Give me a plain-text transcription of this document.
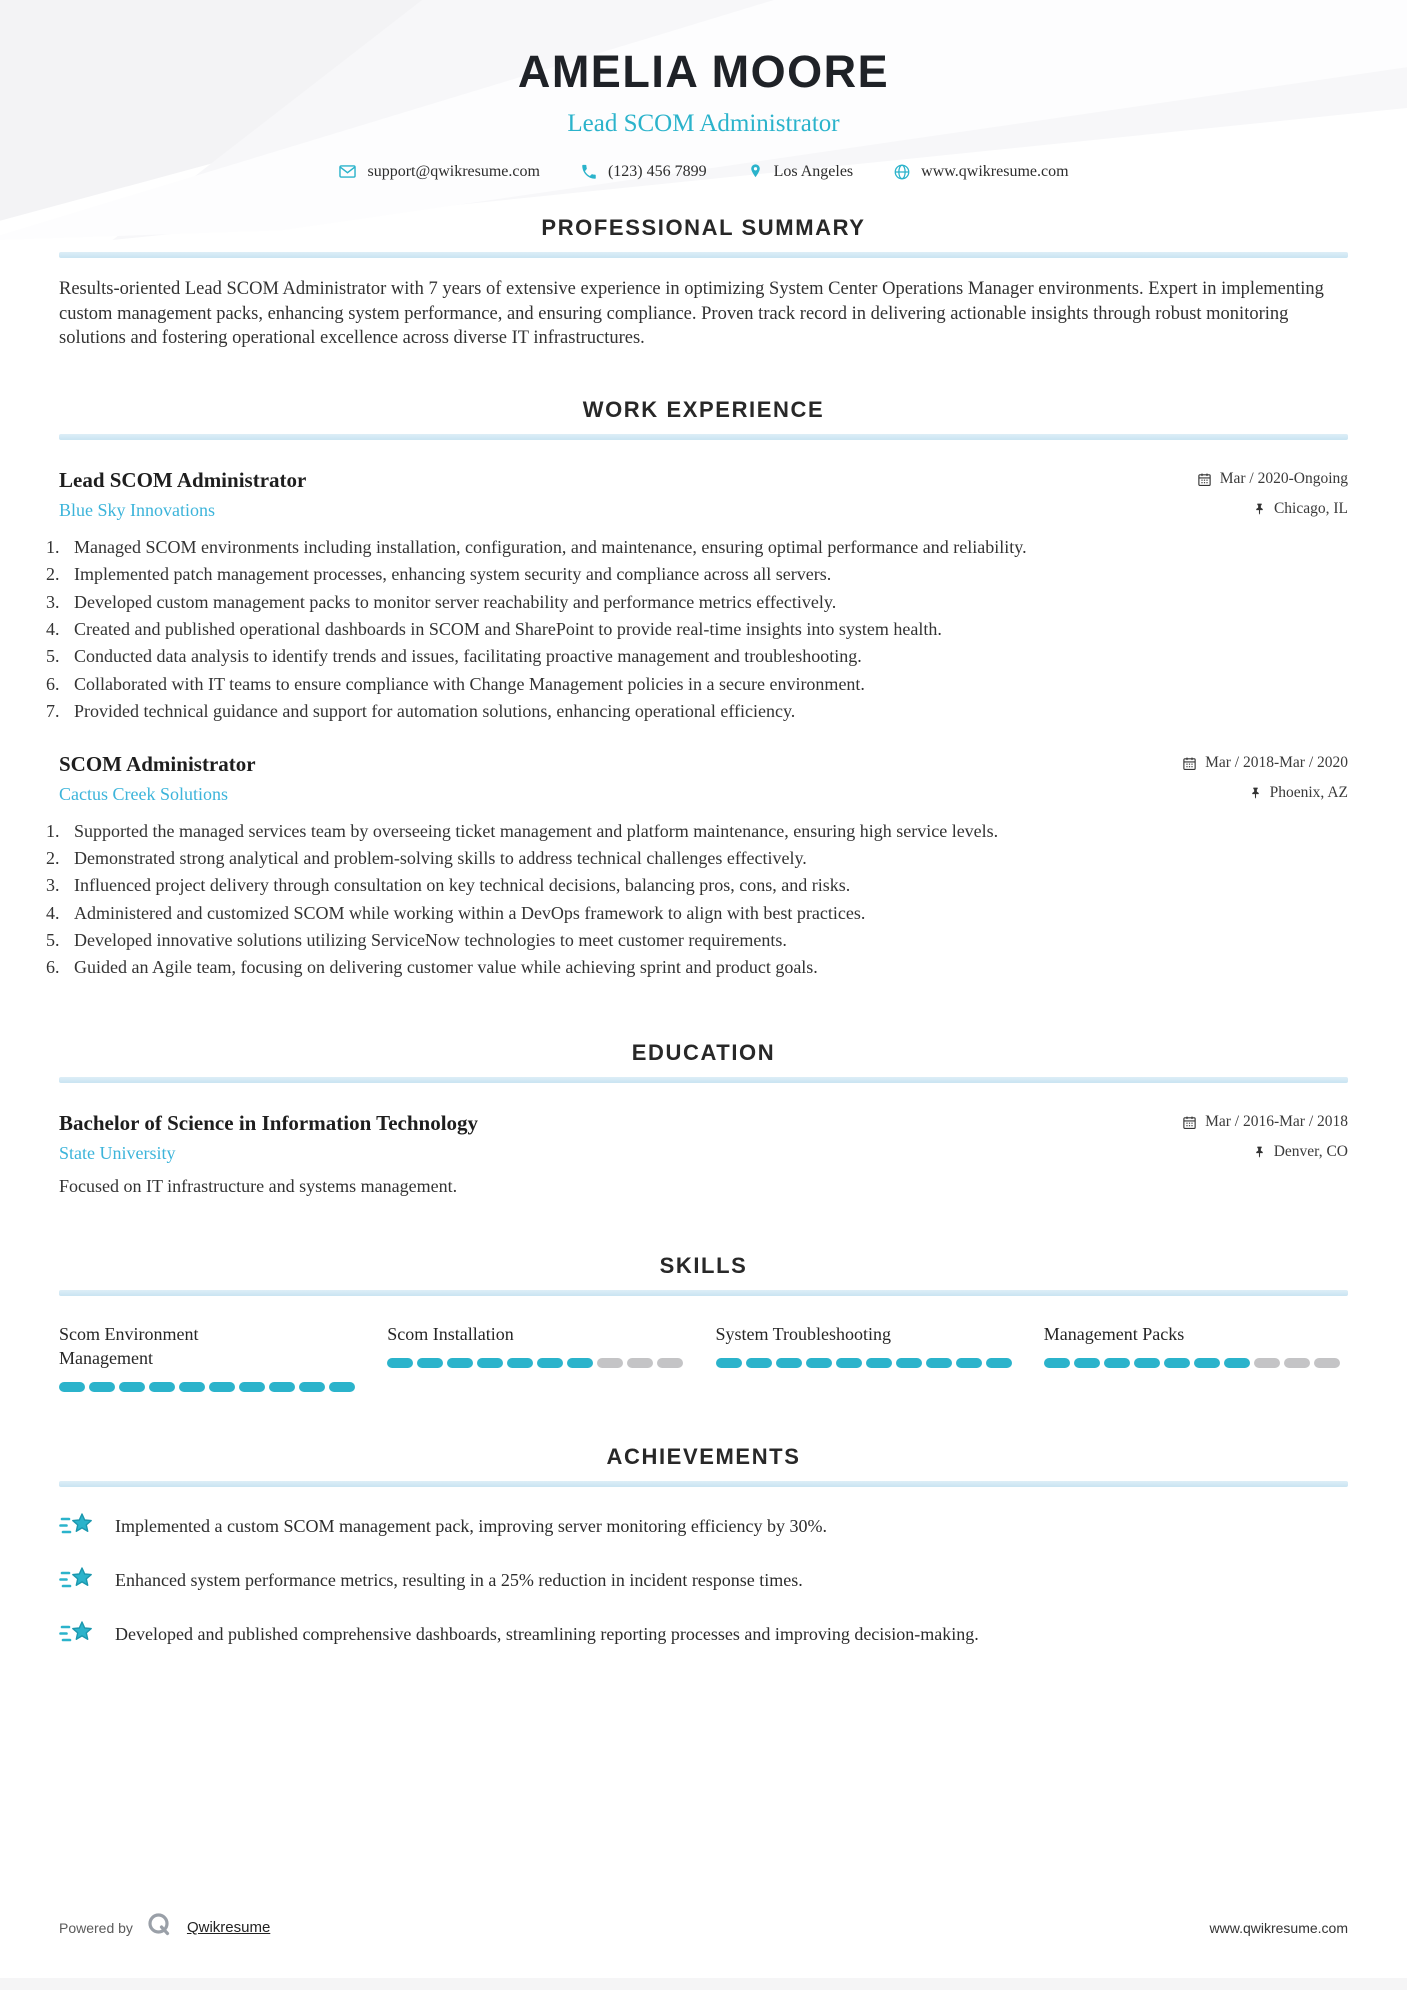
AMELIA MOORE
Lead SCOM Administrator
support@qwikresume.com	(123) 456 7899	Los Angeles	www.qwikresume.com
PROFESSIONAL SUMMARY

Results-oriented Lead SCOM Administrator with 7 years of extensive experience in optimizing System Center Operations Manager environments. Expert in implementing custom management packs, enhancing system performance, and ensuring compliance. Proven track record in delivering actionable insights through robust monitoring solutions and fostering operational excellence across diverse IT infrastructures.

WORK EXPERIENCE
Lead SCOM Administrator	Mar / 2020-Ongoing
Blue Sky Innovations	Chicago, IL
Managed SCOM environments including installation, configuration, and maintenance, ensuring optimal performance and reliability.
Implemented patch management processes, enhancing system security and compliance across all servers.
Developed custom management packs to monitor server reachability and performance metrics effectively.
Created and published operational dashboards in SCOM and SharePoint to provide real-time insights into system health.
Conducted data analysis to identify trends and issues, facilitating proactive management and troubleshooting.
Collaborated with IT teams to ensure compliance with Change Management policies in a secure environment.
Provided technical guidance and support for automation solutions, enhancing operational efficiency.
SCOM Administrator	Mar / 2018-Mar / 2020
Cactus Creek Solutions	Phoenix, AZ
Supported the managed services team by overseeing ticket management and platform maintenance, ensuring high service levels.
Demonstrated strong analytical and problem-solving skills to address technical challenges effectively.
Influenced project delivery through consultation on key technical decisions, balancing pros, cons, and risks.
Administered and customized SCOM while working within a DevOps framework to align with best practices.
Developed innovative solutions utilizing ServiceNow technologies to meet customer requirements.
Guided an Agile team, focusing on delivering customer value while achieving sprint and product goals.
EDUCATION
Bachelor of Science in Information Technology	Mar / 2016-Mar / 2018
State University	Denver, CO

Focused on IT infrastructure and systems management.

SKILLS
Scom Environment Management
Scom Installation	System Troubleshooting	Management Packs
ACHIEVEMENTS
Implemented a custom SCOM management pack, improving server monitoring efficiency by 30%.
Enhanced system performance metrics, resulting in a 25% reduction in incident response times.
Developed and published comprehensive dashboards, streamlining reporting processes and improving decision-making.
Powered by	Qwikresume	www.qwikresume.com
